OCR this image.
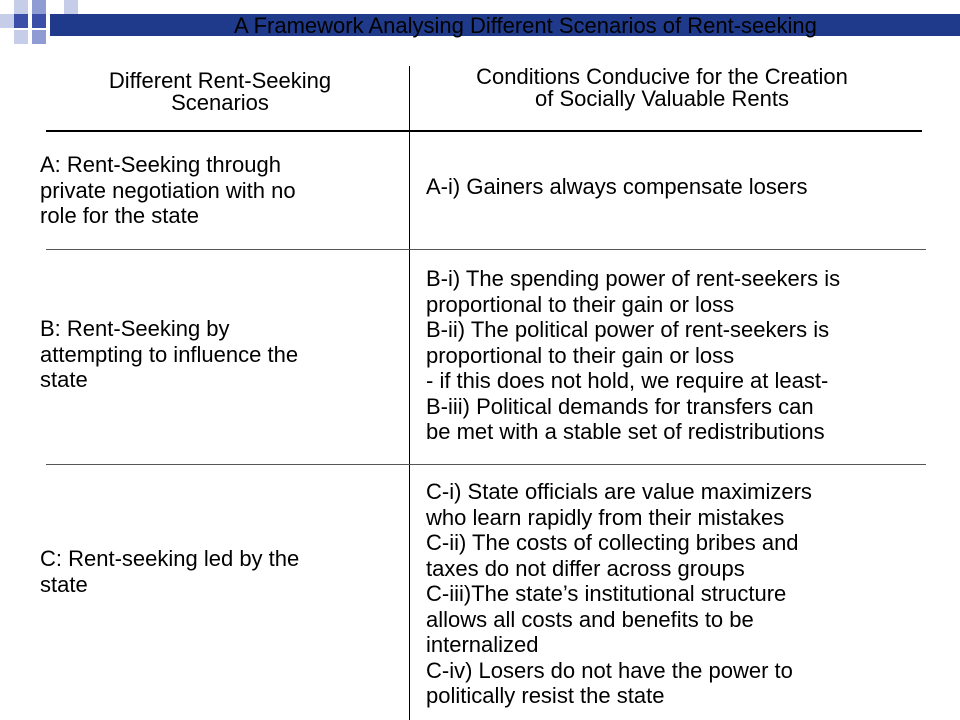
A Framework Analysing Different Scenarios of Rent-seeking
Different Rent-Seeking
Scenarios
Conditions Conducive for the Creation
of Socially Valuable Rents
A: Rent-Seeking through
private negotiation with no
role for the state
A-i) Gainers always compensate losers
B: Rent-Seeking by
attempting to influence the
state
B-i) The spending power of rent-seekers is
proportional to their gain or loss
B-ii) The political power of rent-seekers is
proportional to their gain or loss
- if this does not hold, we require at least-
B-iii) Political demands for transfers can
be met with a stable set of redistributions
C: Rent-seeking led by the
state
C-i) State officials are value maximizers
who learn rapidly from their mistakes
C-ii) The costs of collecting bribes and
taxes do not differ across groups
C-iii)The state’s institutional structure
allows all costs and benefits to be
internalized
C-iv) Losers do not have the power to
politically resist the state
